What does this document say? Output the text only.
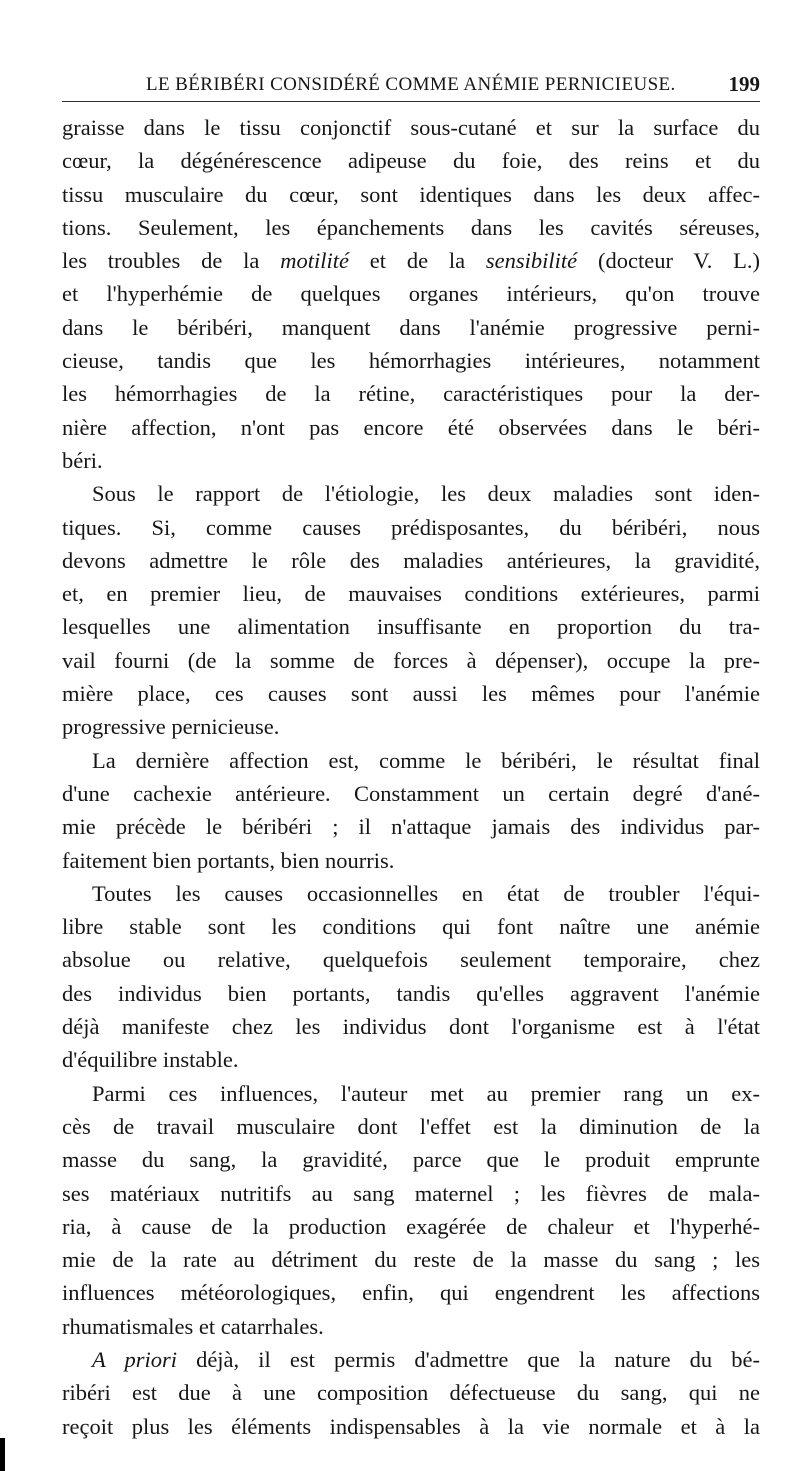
LE BÉRIBÉRI CONSIDÉRÉ COMME ANÉMIE PERNICIEUSE.	199
graisse dans le tissu conjonctif sous-cutané et sur la surface du
cœur, la dégénérescence adipeuse du foie, des reins et du
tissu musculaire du cœur, sont identiques dans les deux affec-
tions. Seulement, les épanchements dans les cavités séreuses,
les troubles de la motilité et de la sensibilité (docteur V. L.)
et l'hyperhémie de quelques organes intérieurs, qu'on trouve
dans le béribéri, manquent dans l'anémie progressive perni-
cieuse, tandis que les hémorrhagies intérieures, notamment
les hémorrhagies de la rétine, caractéristiques pour la der-
nière affection, n'ont pas encore été observées dans le béri-
béri.
Sous le rapport de l'étiologie, les deux maladies sont iden-
tiques. Si, comme causes prédisposantes, du béribéri, nous
devons admettre le rôle des maladies antérieures, la gravidité,
et, en premier lieu, de mauvaises conditions extérieures, parmi
lesquelles une alimentation insuffisante en proportion du tra-
vail fourni (de la somme de forces à dépenser), occupe la pre-
mière place, ces causes sont aussi les mêmes pour l'anémie
progressive pernicieuse.
La dernière affection est, comme le béribéri, le résultat final
d'une cachexie antérieure. Constamment un certain degré d'ané-
mie précède le béribéri ; il n'attaque jamais des individus par-
faitement bien portants, bien nourris.
Toutes les causes occasionnelles en état de troubler l'équi-
libre stable sont les conditions qui font naître une anémie
absolue ou relative, quelquefois seulement temporaire, chez
des individus bien portants, tandis qu'elles aggravent l'anémie
déjà manifeste chez les individus dont l'organisme est à l'état
d'équilibre instable.
Parmi ces influences, l'auteur met au premier rang un ex-
cès de travail musculaire dont l'effet est la diminution de la
masse du sang, la gravidité, parce que le produit emprunte
ses matériaux nutritifs au sang maternel ; les fièvres de mala-
ria, à cause de la production exagérée de chaleur et l'hyperhé-
mie de la rate au détriment du reste de la masse du sang ; les
influences météorologiques, enfin, qui engendrent les affections
rhumatismales et catarrhales.
A priori déjà, il est permis d'admettre que la nature du bé-
ribéri est due à une composition défectueuse du sang, qui ne
reçoit plus les éléments indispensables à la vie normale et à la
